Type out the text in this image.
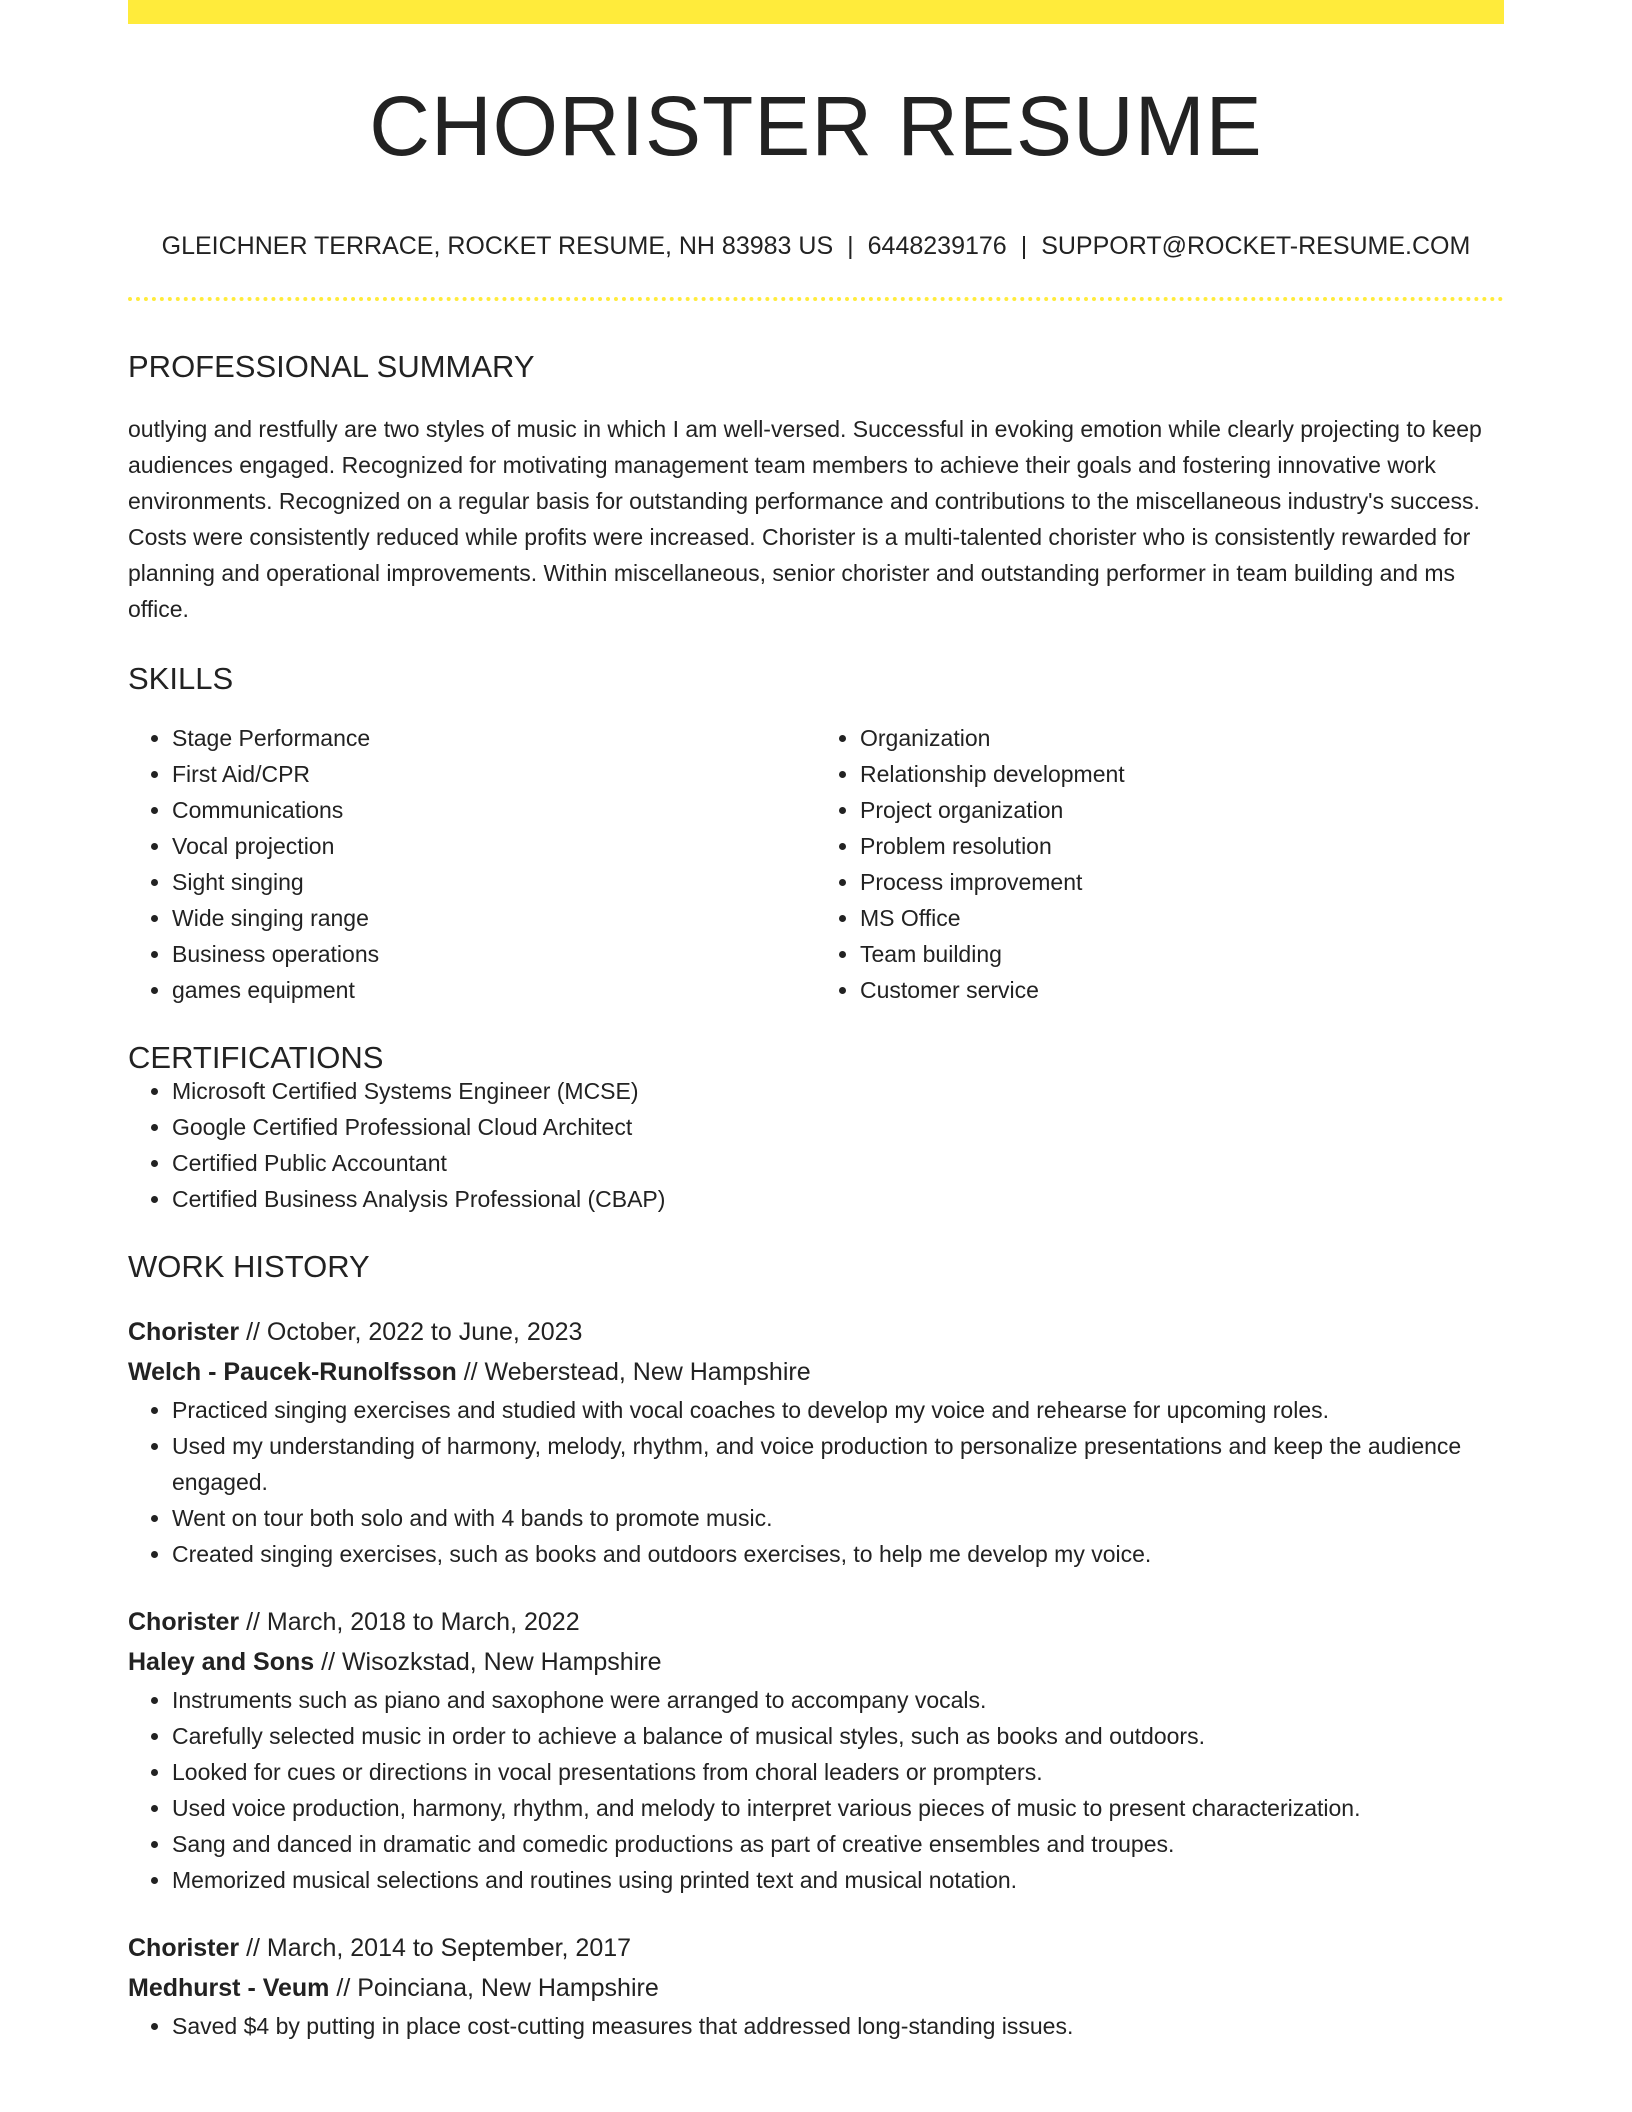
CHORISTER RESUME
GLEICHNER TERRACE, ROCKET RESUME, NH 83983 US | 6448239176 | SUPPORT@ROCKET-RESUME.COM
PROFESSIONAL SUMMARY
outlying and restfully are two styles of music in which I am well-versed. Successful in evoking emotion while clearly projecting to keep audiences engaged. Recognized for motivating management team members to achieve their goals and fostering innovative work environments. Recognized on a regular basis for outstanding performance and contributions to the miscellaneous industry's success. Costs were consistently reduced while profits were increased. Chorister is a multi-talented chorister who is consistently rewarded for planning and operational improvements. Within miscellaneous, senior chorister and outstanding performer in team building and ms office.
SKILLS
• Stage Performance
• First Aid/CPR
• Communications
• Vocal projection
• Sight singing
• Wide singing range
• Business operations
• games equipment
• Organization
• Relationship development
• Project organization
• Problem resolution
• Process improvement
• MS Office
• Team building
• Customer service
CERTIFICATIONS
• Microsoft Certified Systems Engineer (MCSE)
• Google Certified Professional Cloud Architect
• Certified Public Accountant
• Certified Business Analysis Professional (CBAP)
WORK HISTORY
Chorister // October, 2022 to June, 2023
Welch - Paucek-Runolfsson // Weberstead, New Hampshire
• Practiced singing exercises and studied with vocal coaches to develop my voice and rehearse for upcoming roles.
• Used my understanding of harmony, melody, rhythm, and voice production to personalize presentations and keep the audience engaged.
• Went on tour both solo and with 4 bands to promote music.
• Created singing exercises, such as books and outdoors exercises, to help me develop my voice.
Chorister // March, 2018 to March, 2022
Haley and Sons // Wisozkstad, New Hampshire
• Instruments such as piano and saxophone were arranged to accompany vocals.
• Carefully selected music in order to achieve a balance of musical styles, such as books and outdoors.
• Looked for cues or directions in vocal presentations from choral leaders or prompters.
• Used voice production, harmony, rhythm, and melody to interpret various pieces of music to present characterization.
• Sang and danced in dramatic and comedic productions as part of creative ensembles and troupes.
• Memorized musical selections and routines using printed text and musical notation.
Chorister // March, 2014 to September, 2017
Medhurst - Veum // Poinciana, New Hampshire
• Saved $4 by putting in place cost-cutting measures that addressed long-standing issues.
